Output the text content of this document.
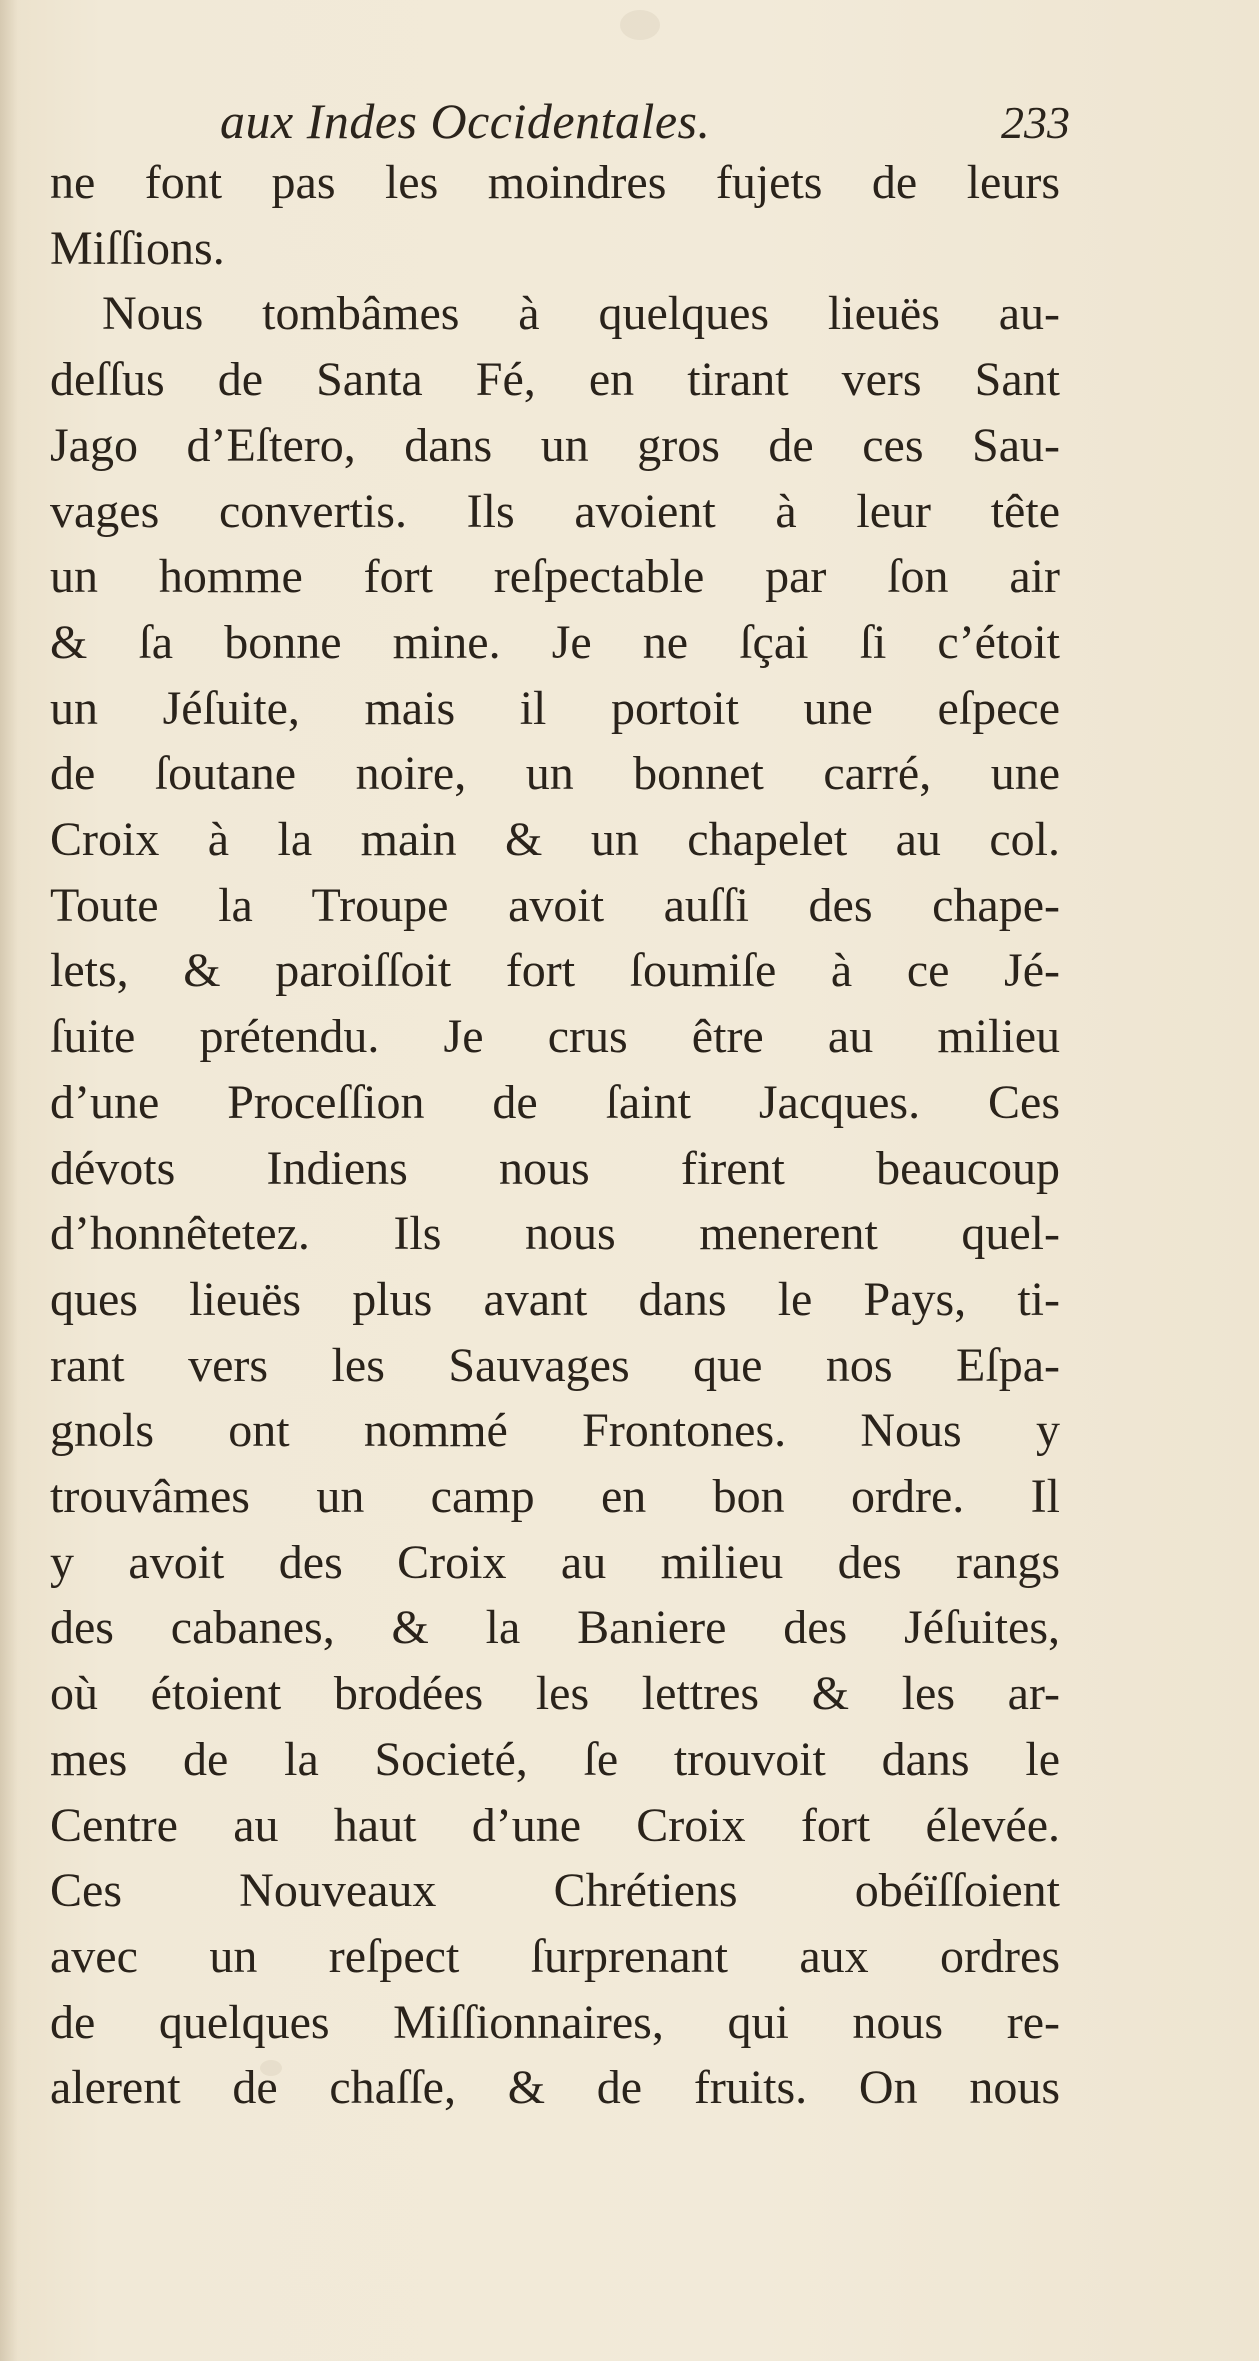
aux Indes Occidentales.	233
ne font pas les moindres fujets de leurs
Miſſions.
Nous tombâmes à quelques lieuës au-
deſſus de Santa Fé, en tirant vers Sant
Jago d’Eſtero, dans un gros de ces Sau-
vages convertis. Ils avoient à leur tête
un homme fort reſpectable par ſon air
& ſa bonne mine. Je ne ſçai ſi c’étoit
un Jéſuite, mais il portoit une eſpece
de ſoutane noire, un bonnet carré, une
Croix à la main & un chapelet au col.
Toute la Troupe avoit auſſi des chape-
lets, & paroiſſoit fort ſoumiſe à ce Jé-
ſuite prétendu. Je crus être au milieu
d’une Proceſſion de ſaint Jacques. Ces
dévots Indiens nous firent beaucoup
d’honnêtetez. Ils nous menerent quel-
ques lieuës plus avant dans le Pays, ti-
rant vers les Sauvages que nos Eſpa-
gnols ont nommé Frontones. Nous y
trouvâmes un camp en bon ordre. Il
y avoit des Croix au milieu des rangs
des cabanes, & la Baniere des Jéſuites,
où étoient brodées les lettres & les ar-
mes de la Societé, ſe trouvoit dans le
Centre au haut d’une Croix fort élevée.
Ces Nouveaux Chrétiens obéïſſoient
avec un reſpect ſurprenant aux ordres
de quelques Miſſionnaires, qui nous re-
alerent de chaſſe, & de fruits. On nous
